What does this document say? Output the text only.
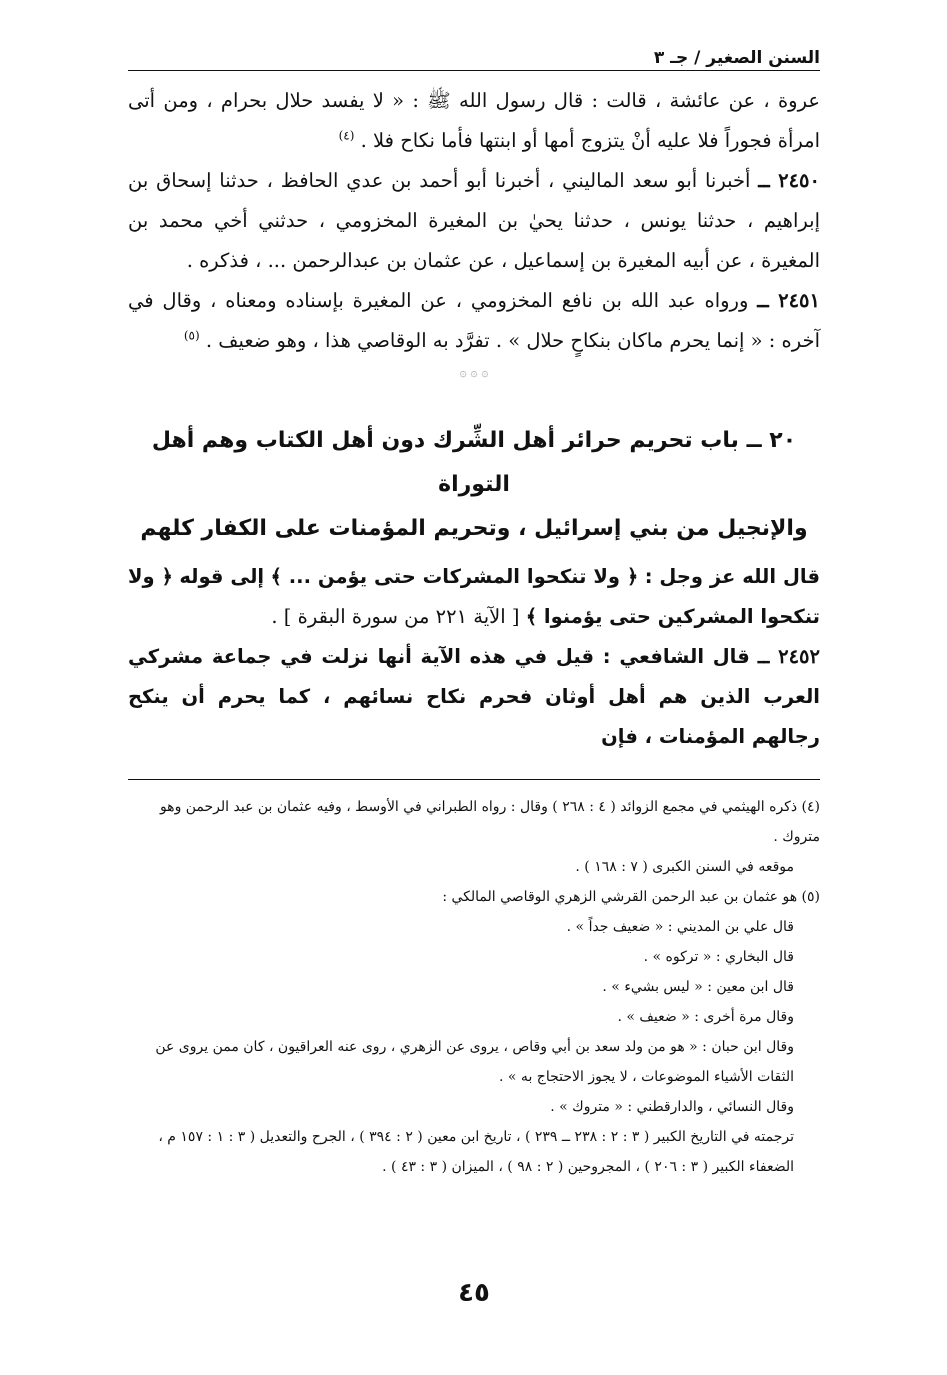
السنن الصغير / جـ ٣

عروة ، عن عائشة ، قالت : قال رسول الله ﷺ : « لا يفسد حلال بحرام ، ومن أتى امرأة فجوراً فلا عليه أنْ يتزوج أمها أو ابنتها فأما نكاح فلا . $^{(٤)}$

٢٤٥٠ ــ أخبرنا أبو سعد الماليني ، أخبرنا أبو أحمد بن عدي الحافظ ، حدثنا إسحاق بن إبراهيم ، حدثنا يونس ، حدثنا يحيٰ بن المغيرة المخزومي ، حدثني أخي محمد بن المغيرة ، عن أبيه المغيرة بن إسماعيل ، عن عثمان بن عبدالرحمن ... ، فذكره .

٢٤٥١ ــ ورواه عبد الله بن نافع المخزومي ، عن المغيرة بإسناده ومعناه ، وقال في آخره : « إنما يحرم ماكان بنكاحٍ حلال » . تفرَّد به الوقاصي هذا ، وهو ضعيف . $^{(٥)}$

۞ ۞ ۞
٢٠ ــ باب تحريم حرائر أهل الشِّرك دون أهل الكتاب وهم أهل التوراة
والإنجيل من بني إسرائيل ، وتحريم المؤمنات على الكفار كلهم
قال الله عز وجل : ﴿ ولا تنكحوا المشركات حتى يؤمن ... ﴾ إلى قوله ﴿ ولا تنكحوا المشركين حتى يؤمنوا ﴾ [ الآية ٢٢١ من سورة البقرة ] .
٢٤٥٢ ــ قال الشافعي : قيل في هذه الآية أنها نزلت في جماعة مشركي العرب الذين هم أهل أوثان فحرم نكاح نسائهم ، كما يحرم أن ينكح رجالهم المؤمنات ، فإن

(٤) ذكره الهيثمي في مجمع الزوائد ( ٤ : ٢٦٨ ) وقال : رواه الطبراني في الأوسط ، وفيه عثمان بن عبد الرحمن وهو متروك .

موقعه في السنن الكبرى ( ٧ : ١٦٨ ) .

(٥) هو عثمان بن عبد الرحمن القرشي الزهري الوقاصي المالكي :

قال علي بن المديني : « ضعيف جداً » .

قال البخاري : « تركوه » .

قال ابن معين : « ليس بشيء » .

وقال مرة أخرى : « ضعيف » .

وقال ابن حبان : « هو من ولد سعد بن أبي وقاص ، يروى عن الزهري ، روى عنه العراقيون ، كان ممن يروى عن الثقات الأشياء الموضوعات ، لا يجوز الاحتجاج به » .

وقال النسائي ، والدارقطني : « متروك » .

ترجمته في التاريخ الكبير ( ٣ : ٢ : ٢٣٨ ــ ٢٣٩ ) ، تاريخ ابن معين ( ٢ : ٣٩٤ ) ، الجرح والتعديل ( ٣ : ١ : ١٥٧ م ، الضعفاء الكبير ( ٣ : ٢٠٦ ) ، المجروحين ( ٢ : ٩٨ ) ، الميزان ( ٣ : ٤٣ ) .

٤٥
